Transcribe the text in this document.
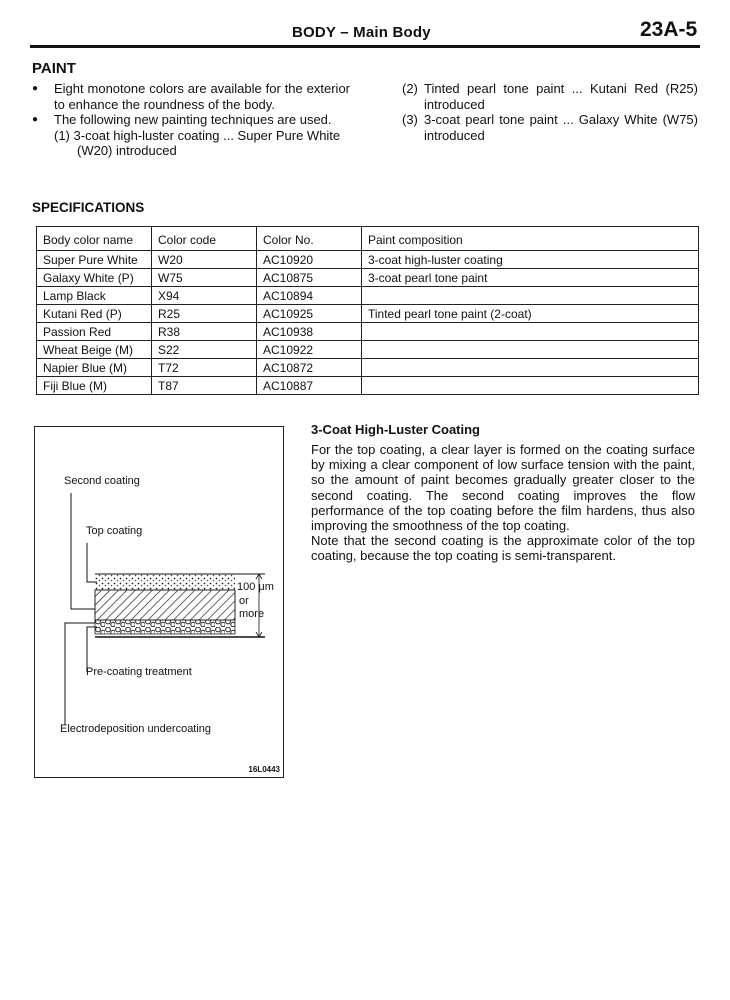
BODY – Main Body	23A-5
PAINT
● Eight monotone colors are available for the exterior to enhance the roundness of the body.
● The following new painting techniques are used.
(1) 3-coat high-luster coating ... Super Pure White (W20) introduced
(2) Tinted pearl tone paint ... Kutani Red (R25) introduced
(3) 3-coat pearl tone paint ... Galaxy White (W75) introduced
SPECIFICATIONS
Body color name	Color code	Color No.	Paint composition
Super Pure White	W20	AC10920	3-coat high-luster coating
Galaxy White (P)	W75	AC10875	3-coat pearl tone paint
Lamp Black	X94	AC10894	
Kutani Red (P)	R25	AC10925	Tinted pearl tone paint (2-coat)
Passion Red	R38	AC10938	
Wheat Beige (M)	S22	AC10922	
Napier Blue (M)	T72	AC10872	
Fiji Blue (M)	T87	AC10887	
Second coating
Top coating
100 μm
or
more
Pre-coating treatment
Electrodeposition undercoating
16L0443
3-Coat High-Luster Coating

For the top coating, a clear layer is formed on the coating surface by mixing a clear component of low surface tension with the paint, so the amount of paint becomes gradually greater closer to the second coating. The second coating improves the flow performance of the top coating before the film hardens, thus also improving the smoothness of the top coating.

Note that the second coating is the approximate color of the top coating, because the top coating is semi-transparent.
